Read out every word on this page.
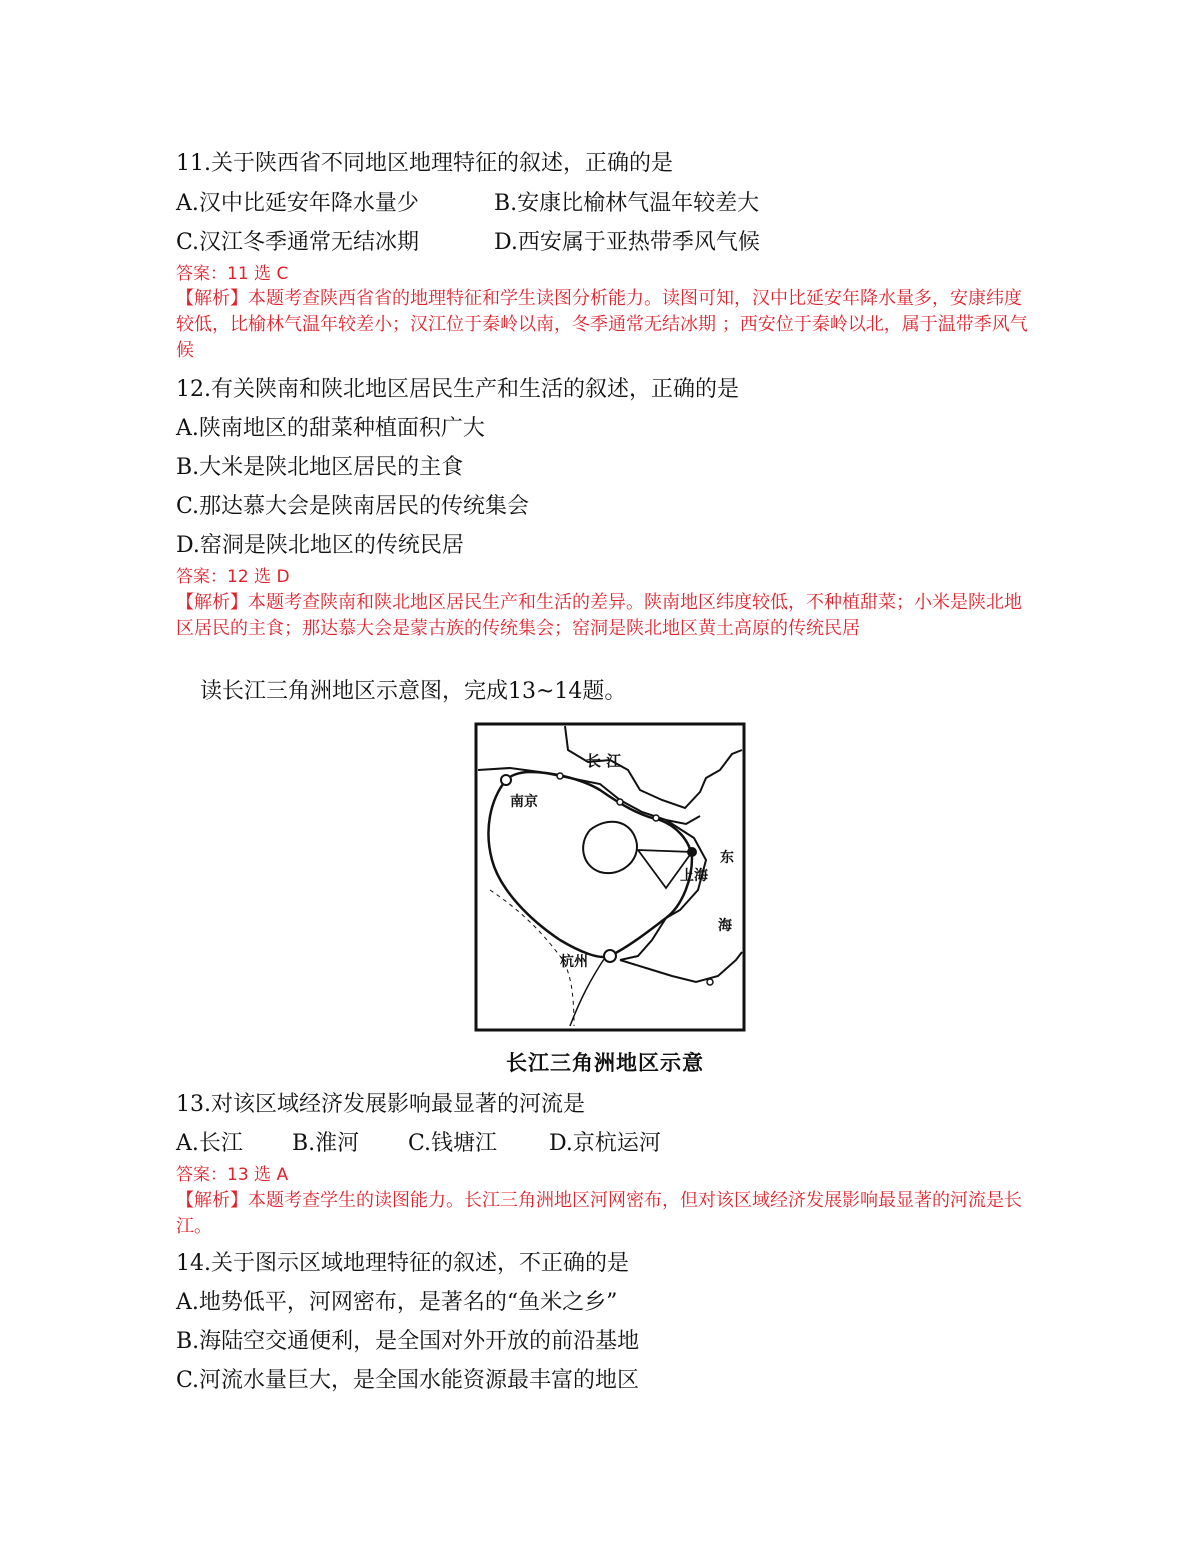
11.关于陕西省不同地区地理特征的叙述，正确的是
A.汉中比延安年降水量少	B.安康比榆林气温年较差大
C.汉江冬季通常无结冰期	D.西安属于亚热带季风气候
答案：11 选 C
【解析】本题考查陕西省省的地理特征和学生读图分析能力。读图可知，汉中比延安年降水量多，安康纬度较低，比榆林气温年较差小；汉江位于秦岭以南，冬季通常无结冰期 ；西安位于秦岭以北，属于温带季风气候
12.有关陕南和陕北地区居民生产和生活的叙述，正确的是
A.陕南地区的甜菜种植面积广大
B.大米是陕北地区居民的主食
C.那达慕大会是陕南居民的传统集会
D.窑洞是陕北地区的传统民居
答案：12 选 D
【解析】本题考查陕南和陕北地区居民生产和生活的差异。陕南地区纬度较低，不种植甜菜；小米是陕北地区居民的主食；那达慕大会是蒙古族的传统集会；窑洞是陕北地区黄土高原的传统民居
读长江三角洲地区示意图，完成13~14题。
长 江
南京
上海
杭州
东
海
长江三角洲地区示意
13.对该区域经济发展影响最显著的河流是
A.长江 B.淮河 C.钱塘江 D.京杭运河
答案：13 选 A
【解析】本题考查学生的读图能力。长江三角洲地区河网密布，但对该区域经济发展影响最显著的河流是长江。
14.关于图示区域地理特征的叙述，不正确的是
A.地势低平，河网密布，是著名的“鱼米之乡”
B.海陆空交通便利，是全国对外开放的前沿基地
C.河流水量巨大，是全国水能资源最丰富的地区
